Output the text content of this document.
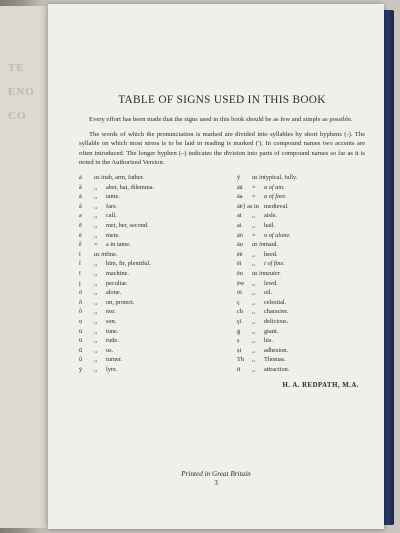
TE
ENO
CO
TABLE OF SIGNS USED IN THIS BOOK

Every effort has been made that the signs used in this book should be as few and simple as possible.

The words of which the pronunciation is marked are divided into syllables by short hyphens (-). The syllable on which most stress is to be laid in reading is marked (ʹ). In compound names two accents are often introduced. The longer hyphen (–) indicates the division into parts of compound names so far as it is noted in the Authorized Version.

ā	as in ah, arm, father.
ă	,,	abet, hat, dilemma.
ā	,,	tame.
â	,,	fare.
a	,,	call.
ĕ	,,	met, her, second.
ē	,,	mete.
ê	=	a in tame.
ī	as in fine.
ĭ	,,	him, fir, plentiful.
ï	,,	machine.
į	,,	peculiar.
ō	,,	alone.
ŏ	,,	on, protect.
ô	,,	nor.
ọ	,,	son.
ū	,,	tune.
ü	,,	rude.
ŭ	,,	us.
û	,,	turner.
ȳ	,,	lyre.
y̆	as in typical, fully.
āā	=	a of am.
āa	=	a of fare.
āē} as in medieval.
ai	,,	aisle.
ai	,,	hail.
āō	=	o of alone.
āu	as in maul.
ēē	,,	heed.
ēi	,,	i of fine.
ēu	as in neuter.
ēw	,,	lewd.
ōi	,,	oil.
ç	,,	celestial.
ch	,,	character.
çi	,,	delicious.
ġ	,,	giant.
ṣ	,,	his.
ṣi	,,	adhesion.
Th	,,	Thomas.
ti	,,	attraction.
H. A. REDPATH, M.A.
Printed in Great Britain
3
